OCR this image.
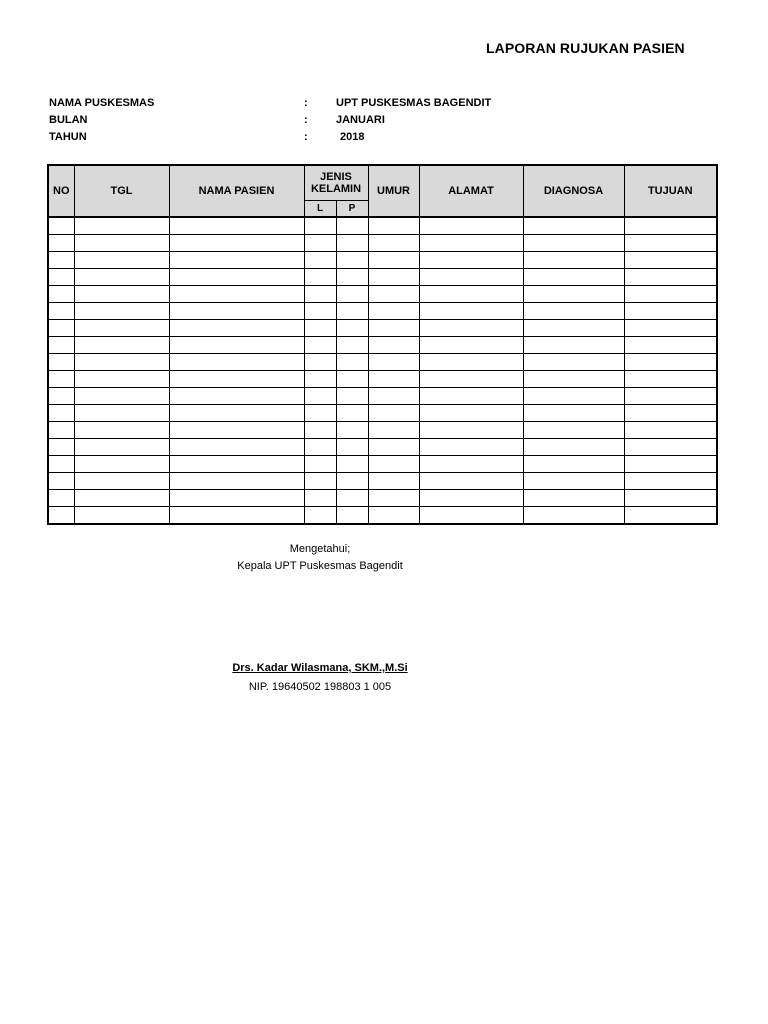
LAPORAN RUJUKAN PASIEN
NAMA PUSKESMAS	:	UPT PUSKESMAS BAGENDIT
BULAN	:	JANUARI
TAHUN	:	2018
NO	TGL	NAMA PASIEN	JENIS KELAMIN		UMUR	ALAMAT	DIAGNOSA	TUJUAN
			L	P				

Mengetahui;
Kepala UPT Puskesmas Bagendit
Drs. Kadar Wilasmana, SKM.,M.Si
NIP. 19640502 198803 1 005
